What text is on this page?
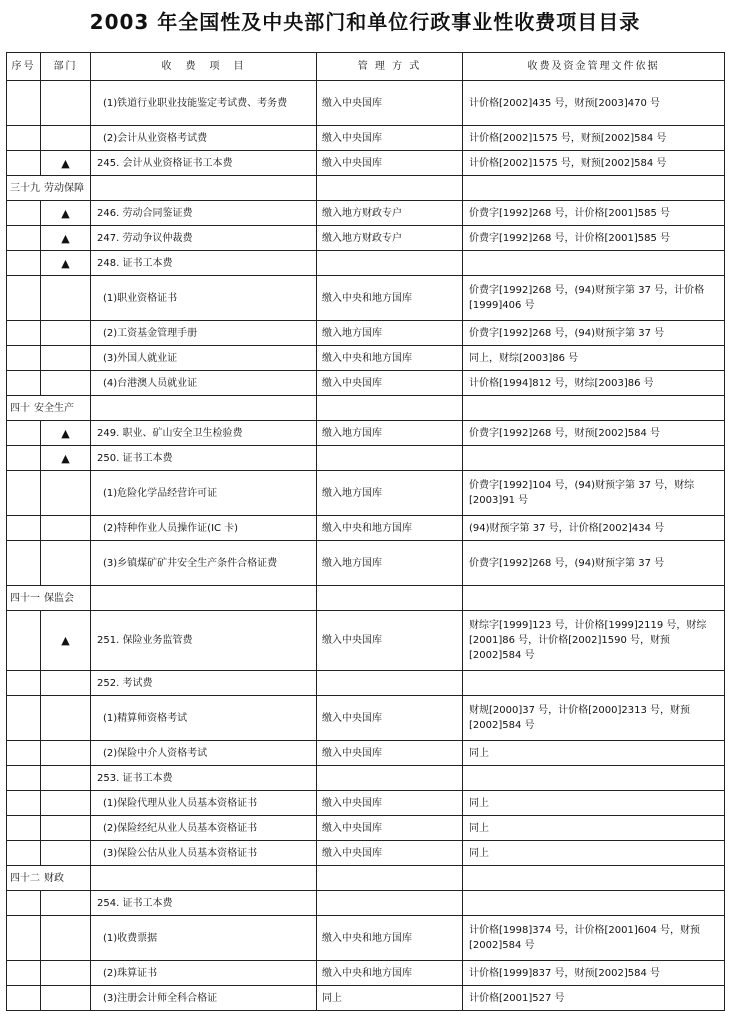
2003 年全国性及中央部门和单位行政事业性收费项目目录
序号	部门	收　费　项　目	管 理 方 式	收费及资金管理文件依据
		(1)铁道行业职业技能鉴定考试费、考务费	缴入中央国库	计价格[2002]435 号，财预[2003]470 号
		(2)会计从业资格考试费	缴入中央国库	计价格[2002]1575 号，财预[2002]584 号
	▲	245. 会计从业资格证书工本费	缴入中央国库	计价格[2002]1575 号，财预[2002]584 号
三十九 劳动保障				
	▲	246. 劳动合同鉴证费	缴入地方财政专户	价费字[1992]268 号，计价格[2001]585 号
	▲	247. 劳动争议仲裁费	缴入地方财政专户	价费字[1992]268 号，计价格[2001]585 号
	▲	248. 证书工本费		
		(1)职业资格证书	缴入中央和地方国库	价费字[1992]268 号，(94)财预字第 37 号，计价格[1999]406 号
		(2)工资基金管理手册	缴入地方国库	价费字[1992]268 号，(94)财预字第 37 号
		(3)外国人就业证	缴入中央和地方国库	同上，财综[2003]86 号
		(4)台港澳人员就业证	缴入中央国库	计价格[1994]812 号，财综[2003]86 号
四十 安全生产				
	▲	249. 职业、矿山安全卫生检验费	缴入地方国库	价费字[1992]268 号，财预[2002]584 号
	▲	250. 证书工本费		
		(1)危险化学品经营许可证	缴入地方国库	价费字[1992]104 号，(94)财预字第 37 号，财综[2003]91 号
		(2)特种作业人员操作证(IC 卡)	缴入中央和地方国库	(94)财预字第 37 号，计价格[2002]434 号
		(3)乡镇煤矿矿井安全生产条件合格证费	缴入地方国库	价费字[1992]268 号，(94)财预字第 37 号
四十一 保监会				
	▲	251. 保险业务监管费	缴入中央国库	财综字[1999]123 号，计价格[1999]2119 号，财综[2001]86 号，计价格[2002]1590 号，财预[2002]584 号
		252. 考试费		
		(1)精算师资格考试	缴入中央国库	财规[2000]37 号，计价格[2000]2313 号，财预[2002]584 号
		(2)保险中介人资格考试	缴入中央国库	同上
		253. 证书工本费		
		(1)保险代理从业人员基本资格证书	缴入中央国库	同上
		(2)保险经纪从业人员基本资格证书	缴入中央国库	同上
		(3)保险公估从业人员基本资格证书	缴入中央国库	同上
四十二 财政				
		254. 证书工本费		
		(1)收费票据	缴入中央和地方国库	计价格[1998]374 号，计价格[2001]604 号，财预[2002]584 号
		(2)珠算证书	缴入中央和地方国库	计价格[1999]837 号，财预[2002]584 号
		(3)注册会计师全科合格证	同上	计价格[2001]527 号
